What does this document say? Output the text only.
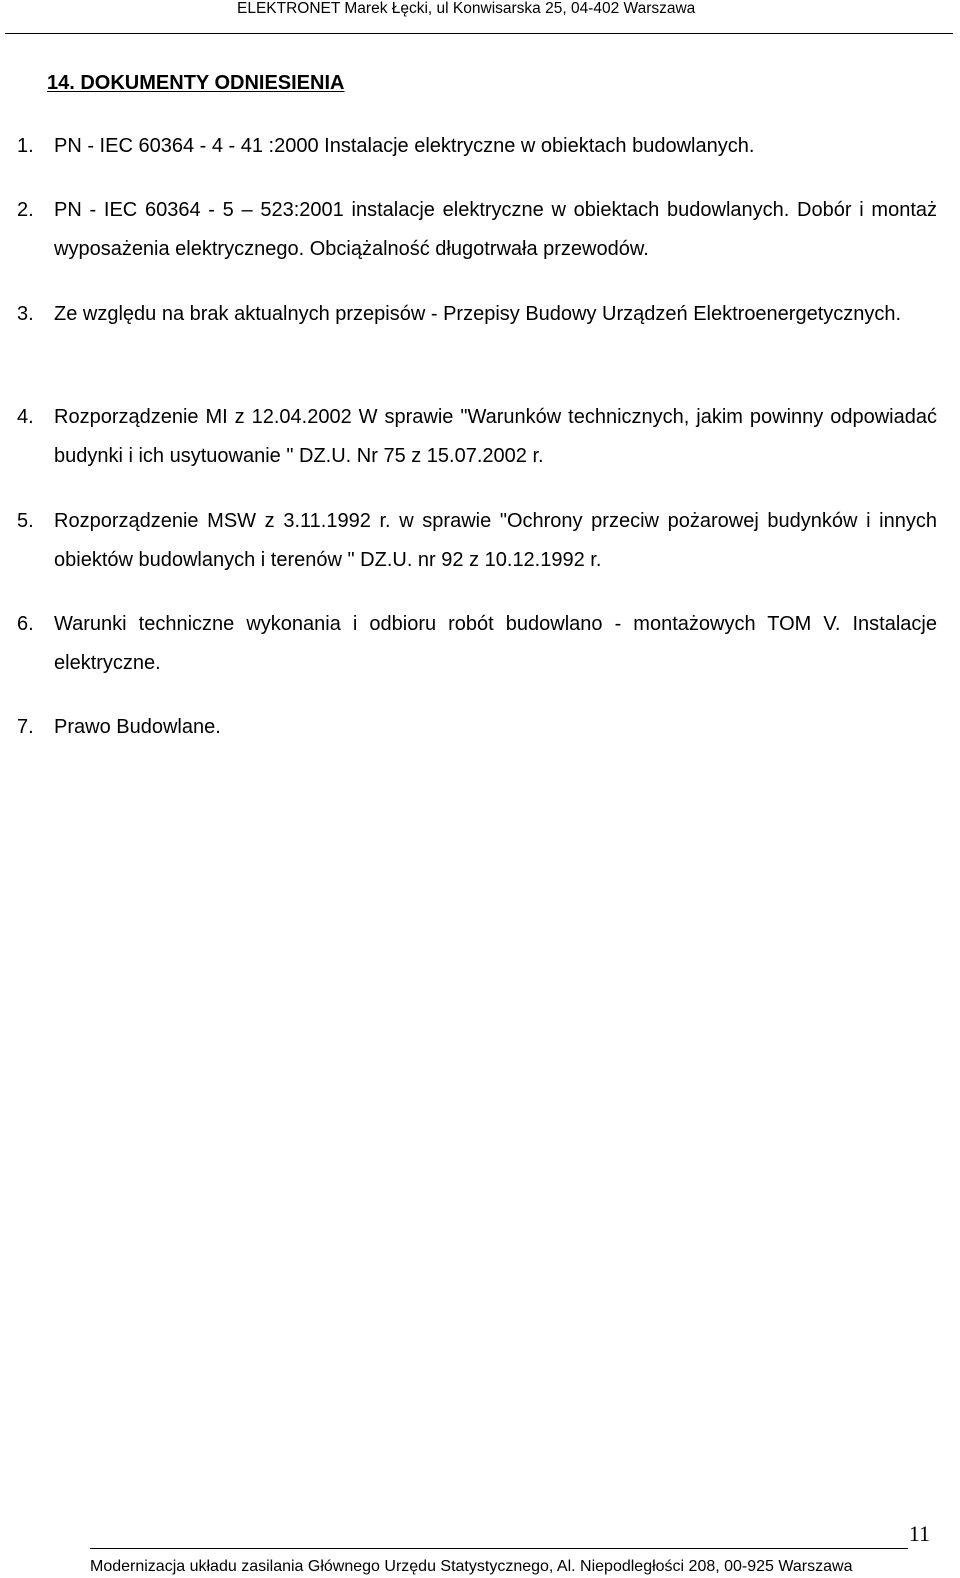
ELEKTRONET Marek Łęcki, ul Konwisarska 25, 04-402 Warszawa
14. DOKUMENTY ODNIESIENIA
1. PN - IEC 60364 - 4 - 41 :2000 Instalacje elektryczne w obiektach budowlanych.
2. PN - IEC 60364 - 5 – 523:2001 instalacje elektryczne w obiektach budowlanych. Dobór i montaż wyposażenia elektrycznego. Obciążalność długotrwała przewodów.
3. Ze względu na brak aktualnych przepisów - Przepisy Budowy Urządzeń Elektroenergetycznych.
4. Rozporządzenie MI z 12.04.2002 W sprawie "Warunków technicznych, jakim powinny odpowiadać budynki i ich usytuowanie " DZ.U. Nr 75 z 15.07.2002 r.
5. Rozporządzenie MSW z 3.11.1992 r. w sprawie "Ochrony przeciw pożarowej budynków i innych obiektów budowlanych i terenów " DZ.U. nr 92 z 10.12.1992 r.
6. Warunki techniczne wykonania i odbioru robót budowlano - montażowych TOM V. Instalacje elektryczne.
7. Prawo Budowlane.
11
Modernizacja układu zasilania Głównego Urzędu Statystycznego, Al. Niepodległości 208, 00-925 Warszawa
